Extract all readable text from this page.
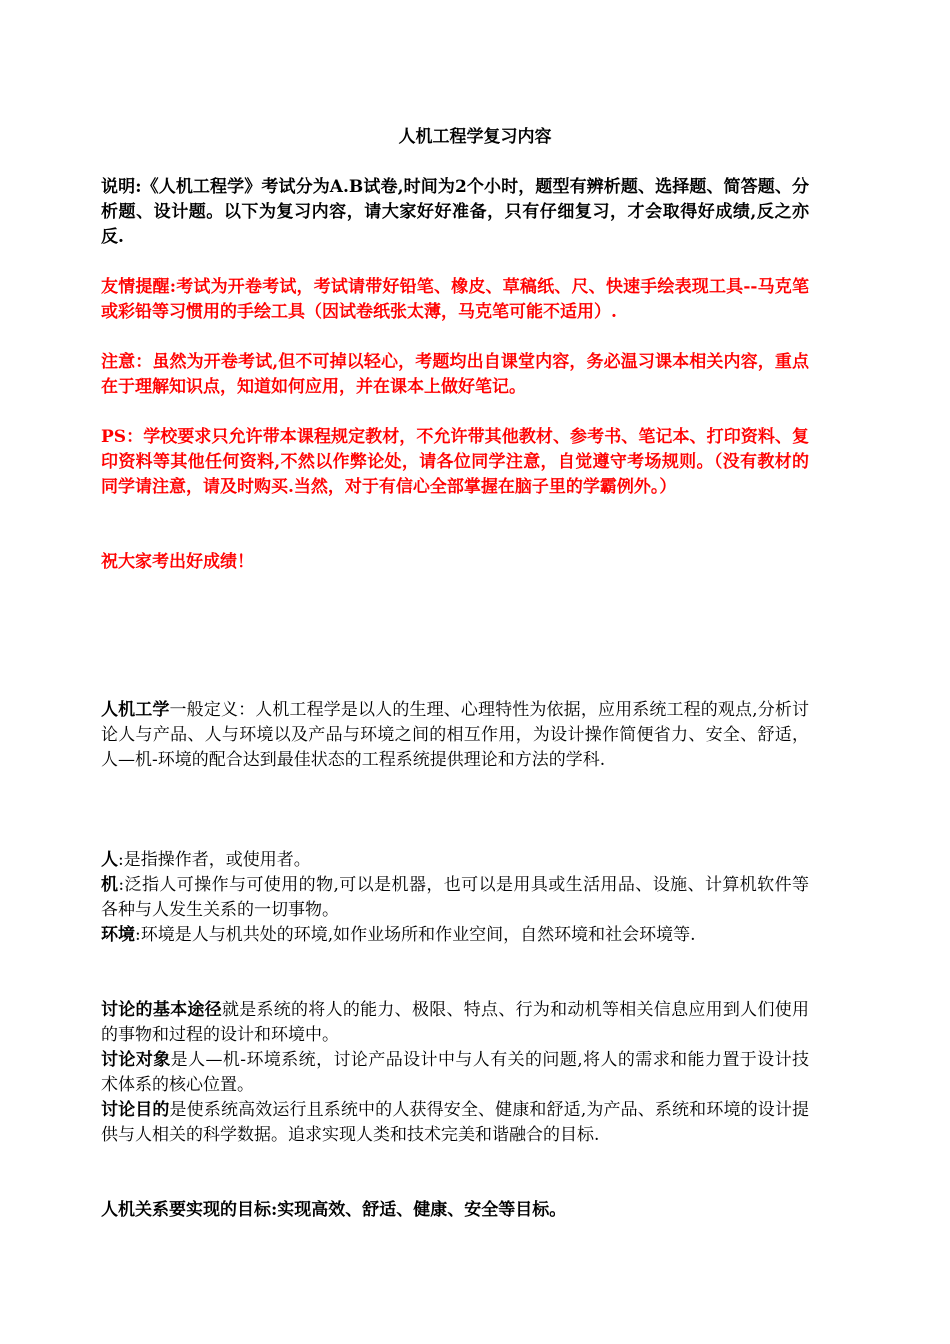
人机工程学复习内容

说明:《人机工程学》考试分为A.B试卷,时间为2个小时，题型有辨析题、选择题、简答题、分析题、设计题。以下为复习内容，请大家好好准备，只有仔细复习，才会取得好成绩,反之亦反.

友情提醒:考试为开卷考试，考试请带好铅笔、橡皮、草稿纸、尺、快速手绘表现工具--马克笔或彩铅等习惯用的手绘工具（因试卷纸张太薄，马克笔可能不适用）.

注意：虽然为开卷考试,但不可掉以轻心，考题均出自课堂内容，务必温习课本相关内容，重点在于理解知识点，知道如何应用，并在课本上做好笔记。

PS：学校要求只允许带本课程规定教材，不允许带其他教材、参考书、笔记本、打印资料、复印资料等其他任何资料,不然以作弊论处，请各位同学注意，自觉遵守考场规则。（没有教材的同学请注意，请及时购买.当然，对于有信心全部掌握在脑子里的学霸例外。）

祝大家考出好成绩！

人机工学一般定义：人机工程学是以人的生理、心理特性为依据，应用系统工程的观点,分析讨论人与产品、人与环境以及产品与环境之间的相互作用，为设计操作简便省力、安全、舒适，人—机-环境的配合达到最佳状态的工程系统提供理论和方法的学科.

人:是指操作者，或使用者。
机:泛指人可操作与可使用的物,可以是机器，也可以是用具或生活用品、设施、计算机软件等各种与人发生关系的一切事物。
环境:环境是人与机共处的环境,如作业场所和作业空间，自然环境和社会环境等.
讨论的基本途径就是系统的将人的能力、极限、特点、行为和动机等相关信息应用到人们使用的事物和过程的设计和环境中。
讨论对象是人—机-环境系统，讨论产品设计中与人有关的问题,将人的需求和能力置于设计技术体系的核心位置。
讨论目的是使系统高效运行且系统中的人获得安全、健康和舒适,为产品、系统和环境的设计提供与人相关的科学数据。追求实现人类和技术完美和谐融合的目标.

人机关系要实现的目标:实现高效、舒适、健康、安全等目标。
